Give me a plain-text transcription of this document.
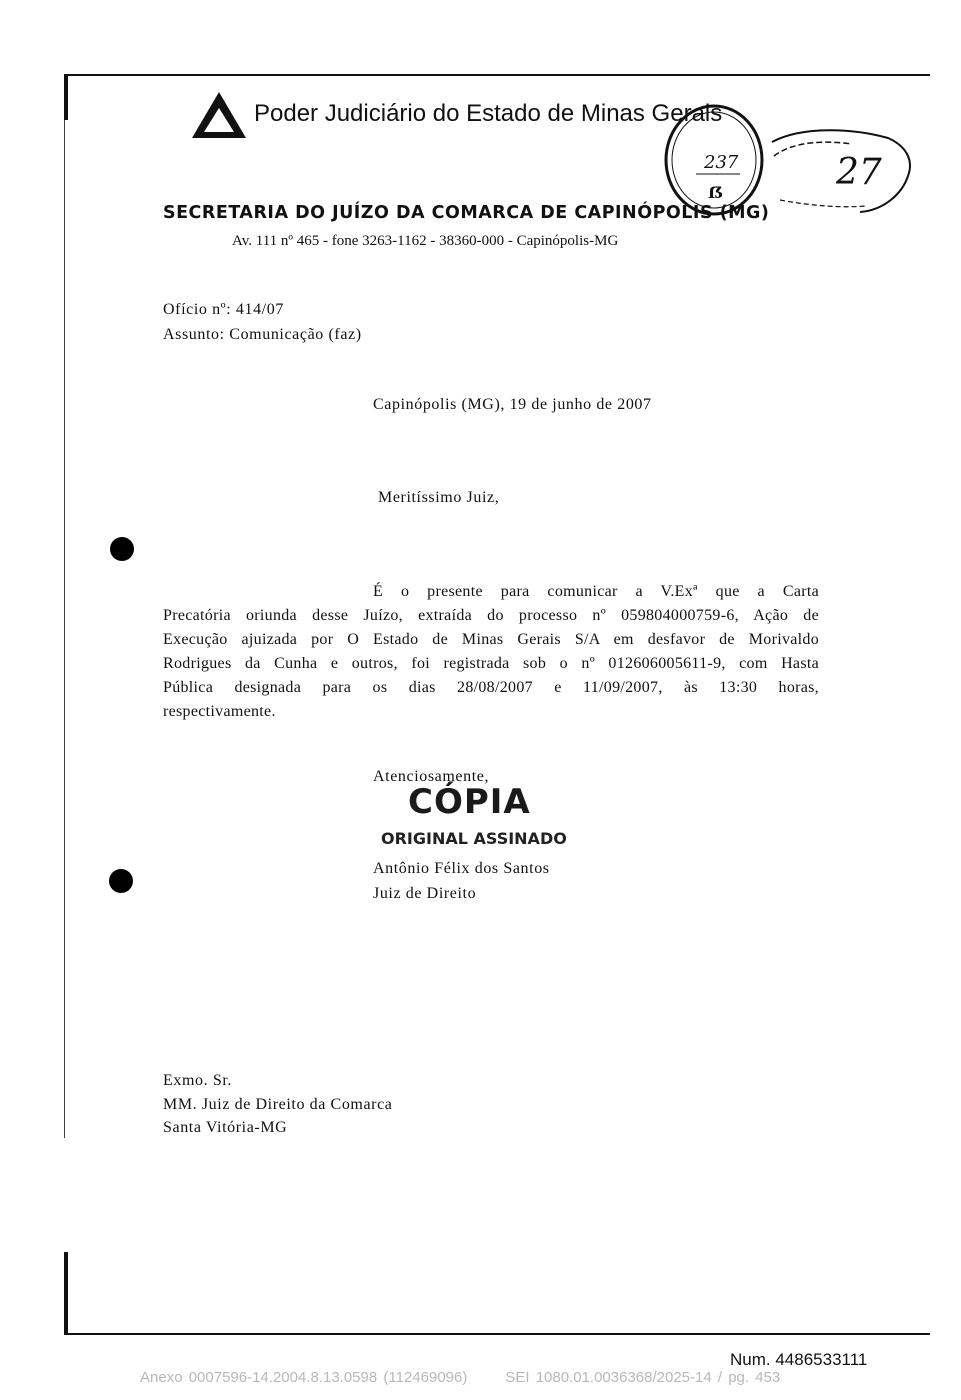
Poder Judiciário do Estado de Minas Gerais
SECRETARIA DO JUÍZO DA COMARCA DE CAPINÓPOLIS (MG)
Av. 111 nº 465 - fone 3263-1162 - 38360-000 - Capinópolis-MG
237
ẞ	27
Ofício nº: 414/07
Assunto: Comunicação (faz)
Capinópolis (MG), 19 de junho de 2007
Meritíssimo Juiz,
É o presente para comunicar a V.Exª que a Carta
Precatória oriunda desse Juízo, extraída do processo nº 059804000759-6, Ação de
Execução ajuizada por O Estado de Minas Gerais S/A em desfavor de Morivaldo
Rodrigues da Cunha e outros, foi registrada sob o nº 012606005611-9, com Hasta
Pública designada para os dias 28/08/2007 e 11/09/2007, às 13:30 horas,
respectivamente.
Atenciosamente,
CÓPIA
ORIGINAL ASSINADO
Antônio Félix dos Santos
Juiz de Direito
Exmo. Sr.
MM. Juiz de Direito da Comarca
Santa Vitória-MG
Num. 4486533111
Anexo 0007596-14.2004.8.13.0598 (112469096)	SEI 1080.01.0036368/2025-14 / pg. 453
